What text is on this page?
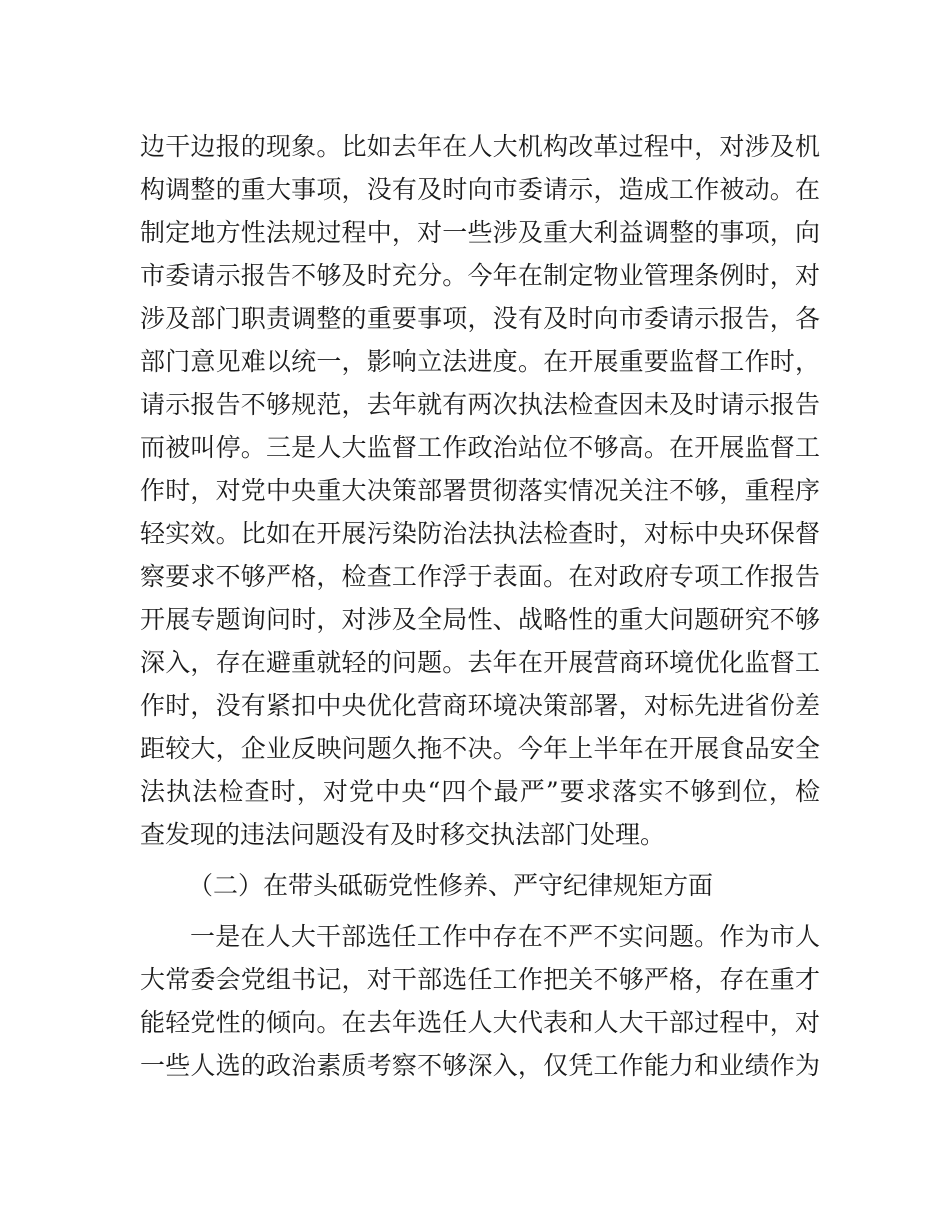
边干边报的现象。比如去年在人大机构改革过程中，对涉及机
构调整的重大事项，没有及时向市委请示，造成工作被动。在
制定地方性法规过程中，对一些涉及重大利益调整的事项，向
市委请示报告不够及时充分。今年在制定物业管理条例时，对
涉及部门职责调整的重要事项，没有及时向市委请示报告，各
部门意见难以统一，影响立法进度。在开展重要监督工作时，
请示报告不够规范，去年就有两次执法检查因未及时请示报告
而被叫停。三是人大监督工作政治站位不够高。在开展监督工
作时，对党中央重大决策部署贯彻落实情况关注不够，重程序
轻实效。比如在开展污染防治法执法检查时，对标中央环保督
察要求不够严格，检查工作浮于表面。在对政府专项工作报告
开展专题询问时，对涉及全局性、战略性的重大问题研究不够
深入，存在避重就轻的问题。去年在开展营商环境优化监督工
作时，没有紧扣中央优化营商环境决策部署，对标先进省份差
距较大，企业反映问题久拖不决。今年上半年在开展食品安全
法执法检查时，对党中央“四个最严”要求落实不够到位，检
查发现的违法问题没有及时移交执法部门处理。
（二）在带头砥砺党性修养、严守纪律规矩方面
一是在人大干部选任工作中存在不严不实问题。作为市人
大常委会党组书记，对干部选任工作把关不够严格，存在重才
能轻党性的倾向。在去年选任人大代表和人大干部过程中，对
一些人选的政治素质考察不够深入，仅凭工作能力和业绩作为
